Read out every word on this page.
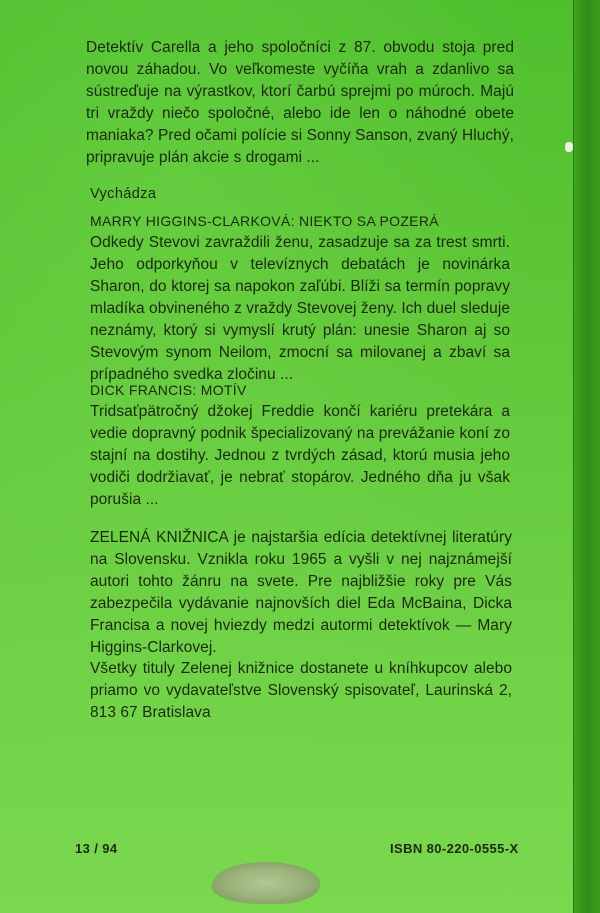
Detektív Carella a jeho spoločníci z 87. obvodu stoja pred novou záhadou. Vo veľkomeste vyčíňa vrah a zdanlivo sa sústreďuje na výrastkov, ktorí čarbú sprejmi po múroch. Majú tri vraždy niečo spoločné, alebo ide len o náhodné obete maniaka? Pred očami polície si Sonny Sanson, zvaný Hluchý, pripravuje plán akcie s drogami ...

Vychádza

MARRY HIGGINS-CLARKOVÁ: NIEKTO SA POZERÁ

Odkedy Stevovi zavraždili ženu, zasadzuje sa za trest smrti. Jeho odporkyňou v televíznych debatách je novinárka Sharon, do ktorej sa napokon zaľúbi. Blíži sa termín popravy mladíka obvineného z vraždy Stevovej ženy. Ich duel sleduje neznámy, ktorý si vymyslí krutý plán: unesie Sharon aj so Stevovým synom Neilom, zmocní sa milovanej a zbaví sa prípadného svedka zločinu ...

DICK FRANCIS: MOTÍV

Tridsaťpätročný džokej Freddie končí kariéru pretekára a vedie dopravný podnik špecializovaný na prevážanie koní zo stajní na dostihy. Jednou z tvrdých zásad, ktorú musia jeho vodiči dodržiavať, je nebrať stopárov. Jedného dňa ju však porušia ...

ZELENÁ KNIŽNICA je najstaršia edícia detektívnej literatúry na Slovensku. Vznikla roku 1965 a vyšli v nej najznámejší autori tohto žánru na svete. Pre najbližšie roky pre Vás zabezpečila vydávanie najnovších diel Eda McBaina, Dicka Francisa a novej hviezdy medzi autormi detektívok — Mary Higgins-Clarkovej.

Všetky tituly Zelenej knižnice dostanete u kníhkupcov alebo priamo vo vydavateľstve Slovenský spisovateľ, Laurinská 2, 813 67 Bratislava

13 / 94	ISBN 80-220-0555-X
